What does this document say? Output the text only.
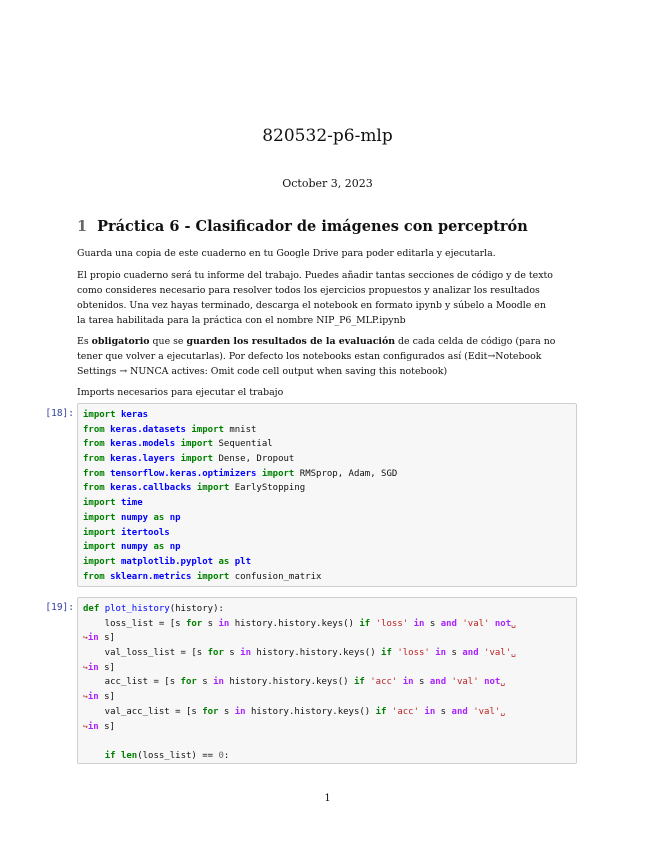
820532-p6-mlp
October 3, 2023
1 Práctica 6 - Clasificador de imágenes con perceptrón
Guarda una copia de este cuaderno en tu Google Drive para poder editarla y ejecutarla.
El propio cuaderno será tu informe del trabajo. Puedes añadir tantas secciones de código y de texto
como consideres necesario para resolver todos los ejercicios propuestos y analizar los resultados
obtenidos. Una vez hayas terminado, descarga el notebook en formato ipynb y súbelo a Moodle en
la tarea habilitada para la práctica con el nombre NIP_P6_MLP.ipynb
Es obligatorio que se guarden los resultados de la evaluación de cada celda de código (para no
tener que volver a ejecutarlas). Por defecto los notebooks estan configurados así (Edit→Notebook
Settings → NUNCA actives: Omit code cell output when saving this notebook)
Imports necesarios para ejecutar el trabajo
[18]: import keras
from keras.datasets import mnist
from keras.models import Sequential
from keras.layers import Dense, Dropout
from tensorflow.keras.optimizers import RMSprop, Adam, SGD
from keras.callbacks import EarlyStopping
import time
import numpy as np
import itertools
import numpy as np
import matplotlib.pyplot as plt
from sklearn.metrics import confusion_matrix
[19]: def plot_history(history):
loss_list = [s for s in history.history.keys() if 'loss' in s and 'val' not␣
↪in s]
val_loss_list = [s for s in history.history.keys() if 'loss' in s and 'val'␣
↪in s]
acc_list = [s for s in history.history.keys() if 'acc' in s and 'val' not␣
↪in s]
val_acc_list = [s for s in history.history.keys() if 'acc' in s and 'val'␣
↪in s]
if len(loss_list) == 0:
1
